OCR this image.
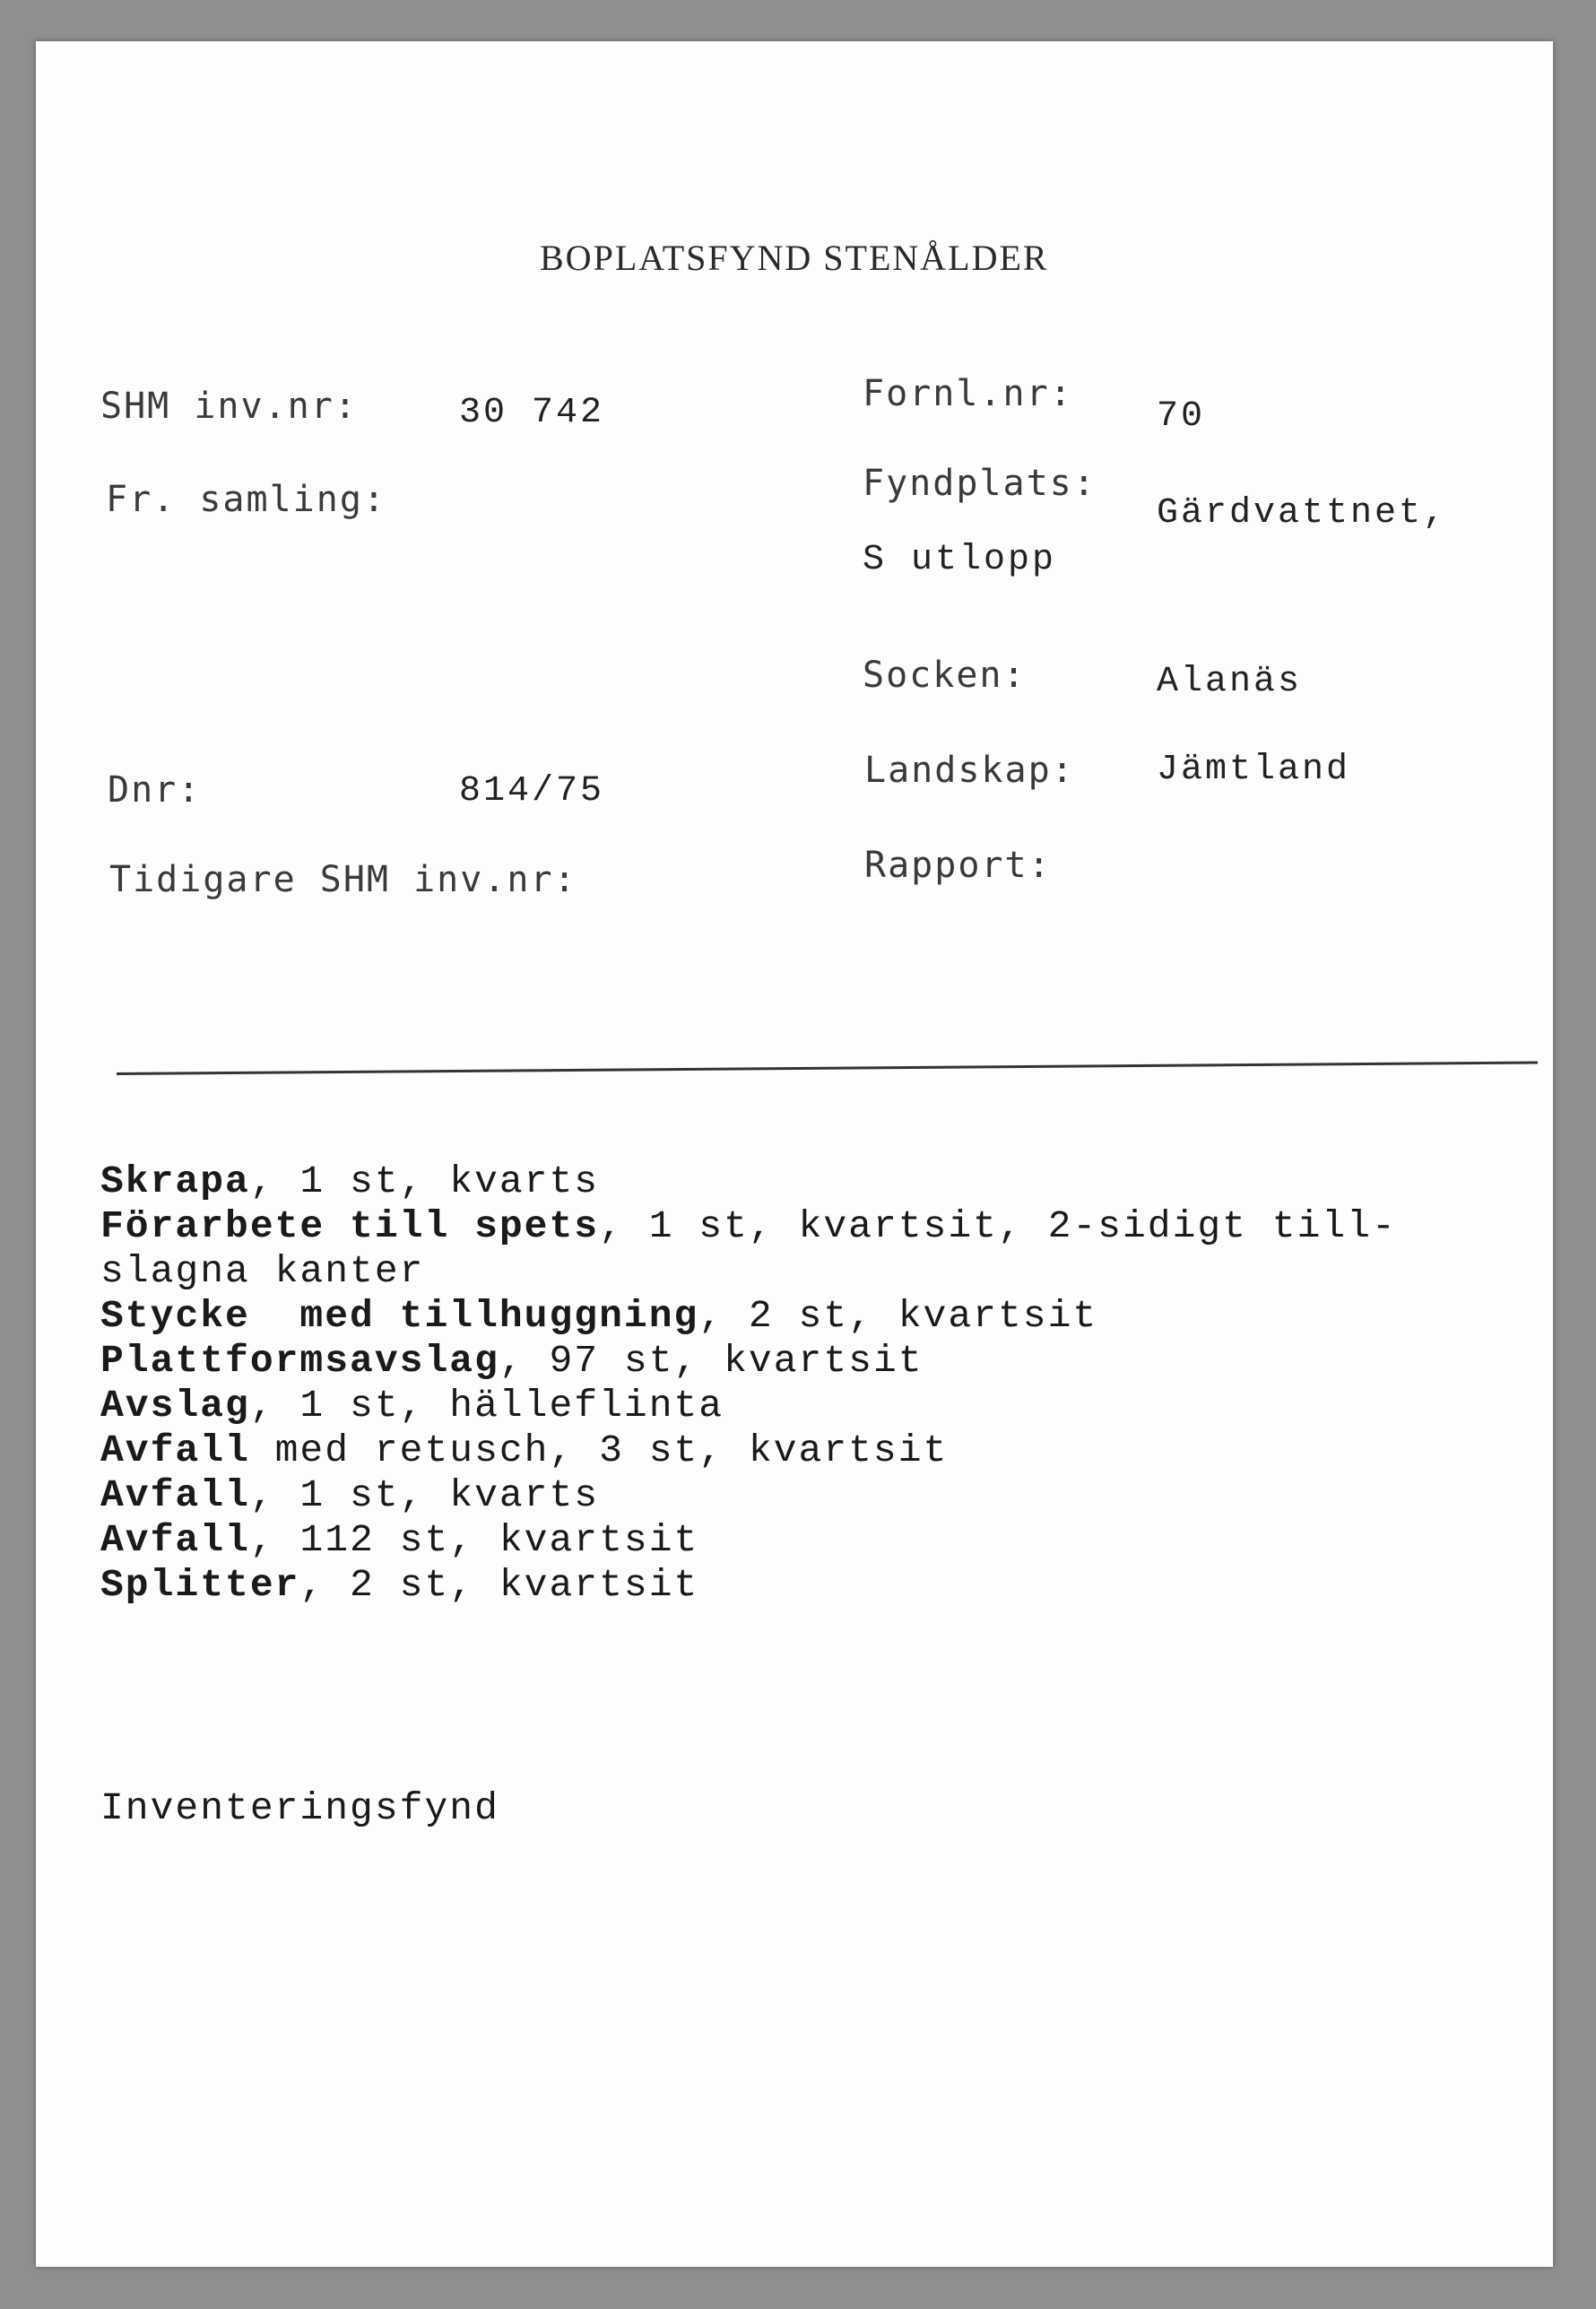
BOPLATSFYND STENÅLDER
SHM inv.nr:	30 742
Fr. samling:
Dnr:	814/75
Tidigare SHM inv.nr:
Fornl.nr:
70
Fyndplats:
Gärdvattnet,
S utlopp
Socken:	Alanäs
Landskap: Jämtland
Rapport:
Skrapa, 1 st, kvarts
Förarbete till spets, 1 st, kvartsit, 2-sidigt till-
slagna kanter
Stycke  med tillhuggning, 2 st, kvartsit
Plattformsavslag, 97 st, kvartsit
Avslag, 1 st, hälleflinta
Avfall med retusch, 3 st, kvartsit
Avfall, 1 st, kvarts
Avfall, 112 st, kvartsit
Splitter, 2 st, kvartsit
Inventeringsfynd
